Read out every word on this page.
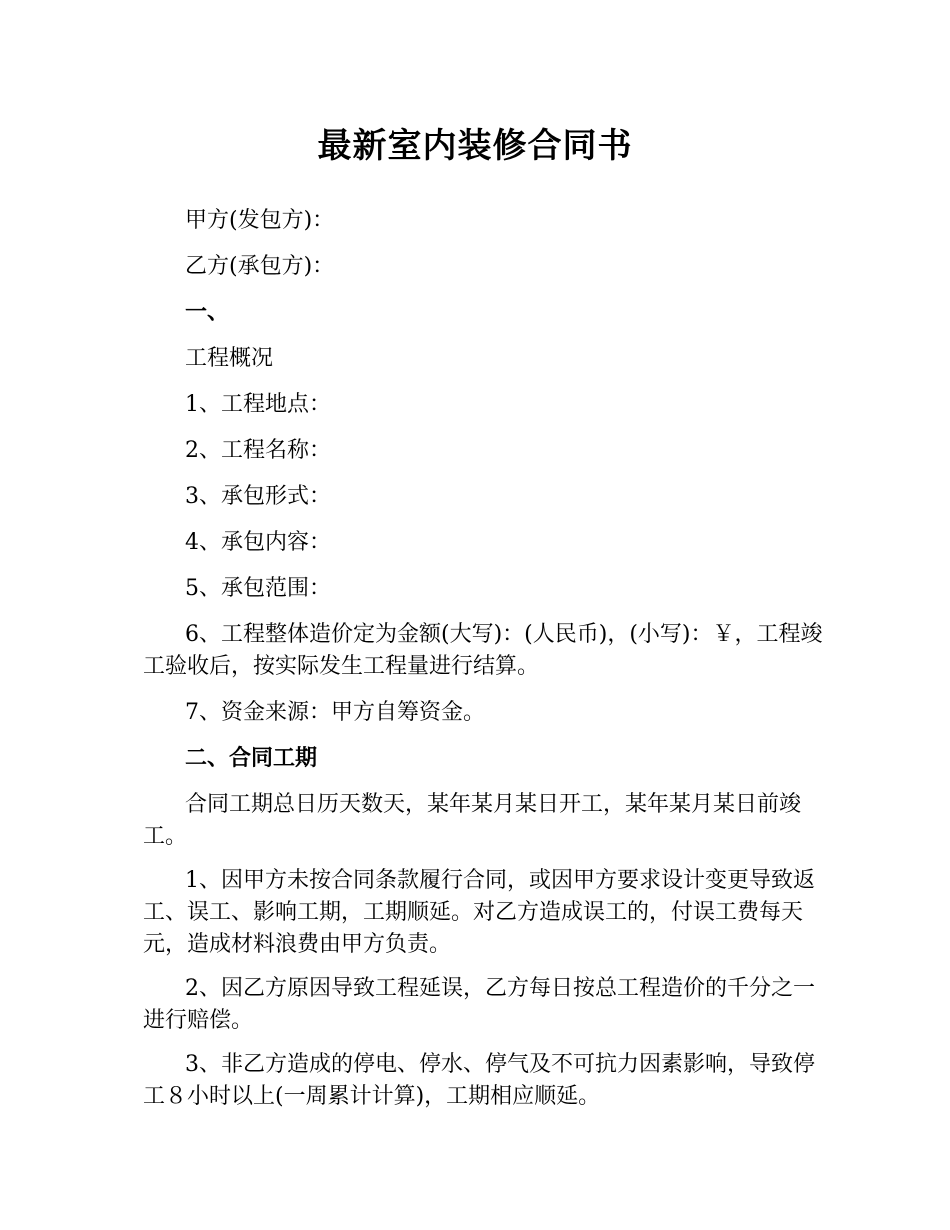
最新室内装修合同书

甲方(发包方)：

乙方(承包方)：

一、

工程概况

1、工程地点：

2、工程名称：

3、承包形式：

4、承包内容：

5、承包范围：

6、工程整体造价定为金额(大写)：(人民币)，(小写)：￥，工程竣工验收后，按实际发生工程量进行结算。

7、资金来源：甲方自筹资金。

二、合同工期

合同工期总日历天数天，某年某月某日开工，某年某月某日前竣工。

1、因甲方未按合同条款履行合同，或因甲方要求设计变更导致返工、误工、影响工期，工期顺延。对乙方造成误工的，付误工费每天元，造成材料浪费由甲方负责。

2、因乙方原因导致工程延误，乙方每日按总工程造价的千分之一进行赔偿。

3、非乙方造成的停电、停水、停气及不可抗力因素影响，导致停工８小时以上(一周累计计算)，工期相应顺延。
